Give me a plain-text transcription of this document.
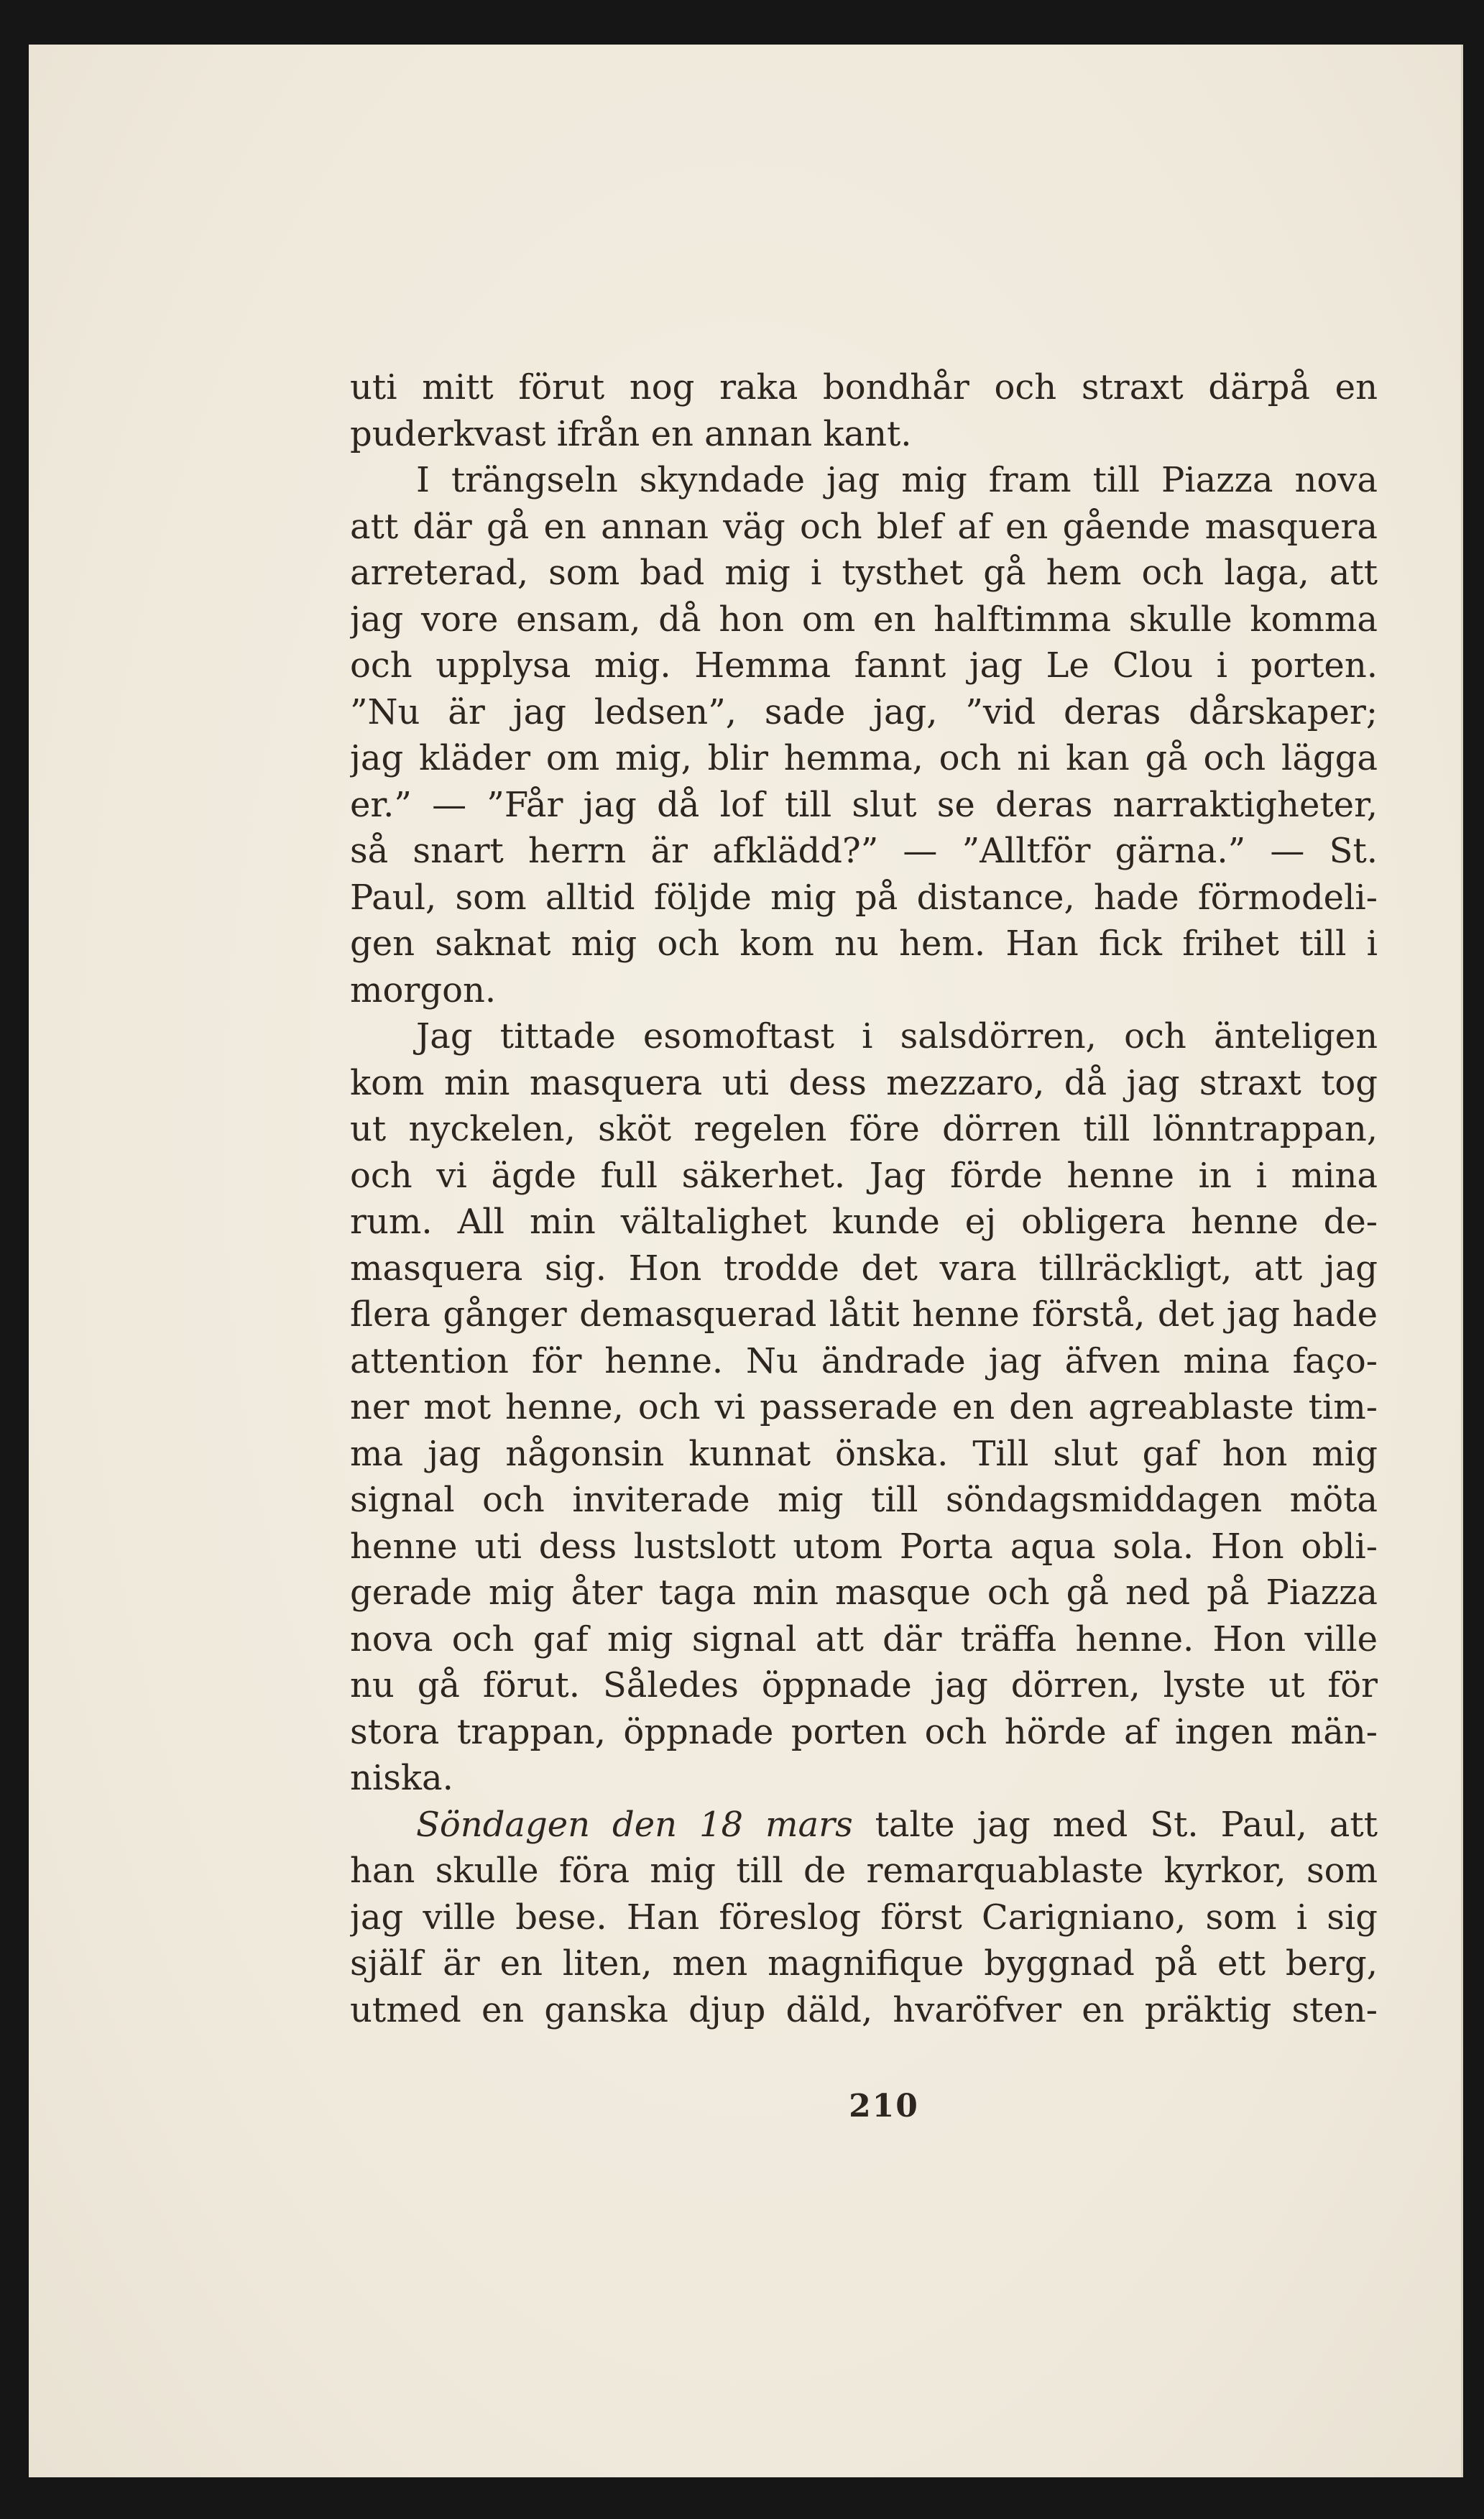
uti mitt förut nog raka bondhår och straxt därpå en
puderkvast ifrån en annan kant.
I trängseln skyndade jag mig fram till Piazza nova
att där gå en annan väg och blef af en gående masquera
arreterad, som bad mig i tysthet gå hem och laga, att
jag vore ensam, då hon om en halftimma skulle komma
och upplysa mig. Hemma fannt jag Le Clou i porten.
”Nu är jag ledsen”, sade jag, ”vid deras dårskaper;
jag kläder om mig, blir hemma, och ni kan gå och lägga
er.” — ”Får jag då lof till slut se deras narraktigheter,
så snart herrn är afklädd?” — ”Alltför gärna.” — St.
Paul, som alltid följde mig på distance, hade förmodeli-
gen saknat mig och kom nu hem. Han fick frihet till i
morgon.
Jag tittade esomoftast i salsdörren, och änteligen
kom min masquera uti dess mezzaro, då jag straxt tog
ut nyckelen, sköt regelen före dörren till lönntrappan,
och vi ägde full säkerhet. Jag förde henne in i mina
rum. All min vältalighet kunde ej obligera henne de-
masquera sig. Hon trodde det vara tillräckligt, att jag
flera gånger demasquerad låtit henne förstå, det jag hade
attention för henne. Nu ändrade jag äfven mina faço-
ner mot henne, och vi passerade en den agreablaste tim-
ma jag någonsin kunnat önska. Till slut gaf hon mig
signal och inviterade mig till söndagsmiddagen möta
henne uti dess lustslott utom Porta aqua sola. Hon obli-
gerade mig åter taga min masque och gå ned på Piazza
nova och gaf mig signal att där träffa henne. Hon ville
nu gå förut. Således öppnade jag dörren, lyste ut för
stora trappan, öppnade porten och hörde af ingen män-
niska.
Söndagen den 18 mars talte jag med St. Paul, att
han skulle föra mig till de remarquablaste kyrkor, som
jag ville bese. Han föreslog först Carigniano, som i sig
själf är en liten, men magnifique byggnad på ett berg,
utmed en ganska djup däld, hvaröfver en präktig sten-
210
